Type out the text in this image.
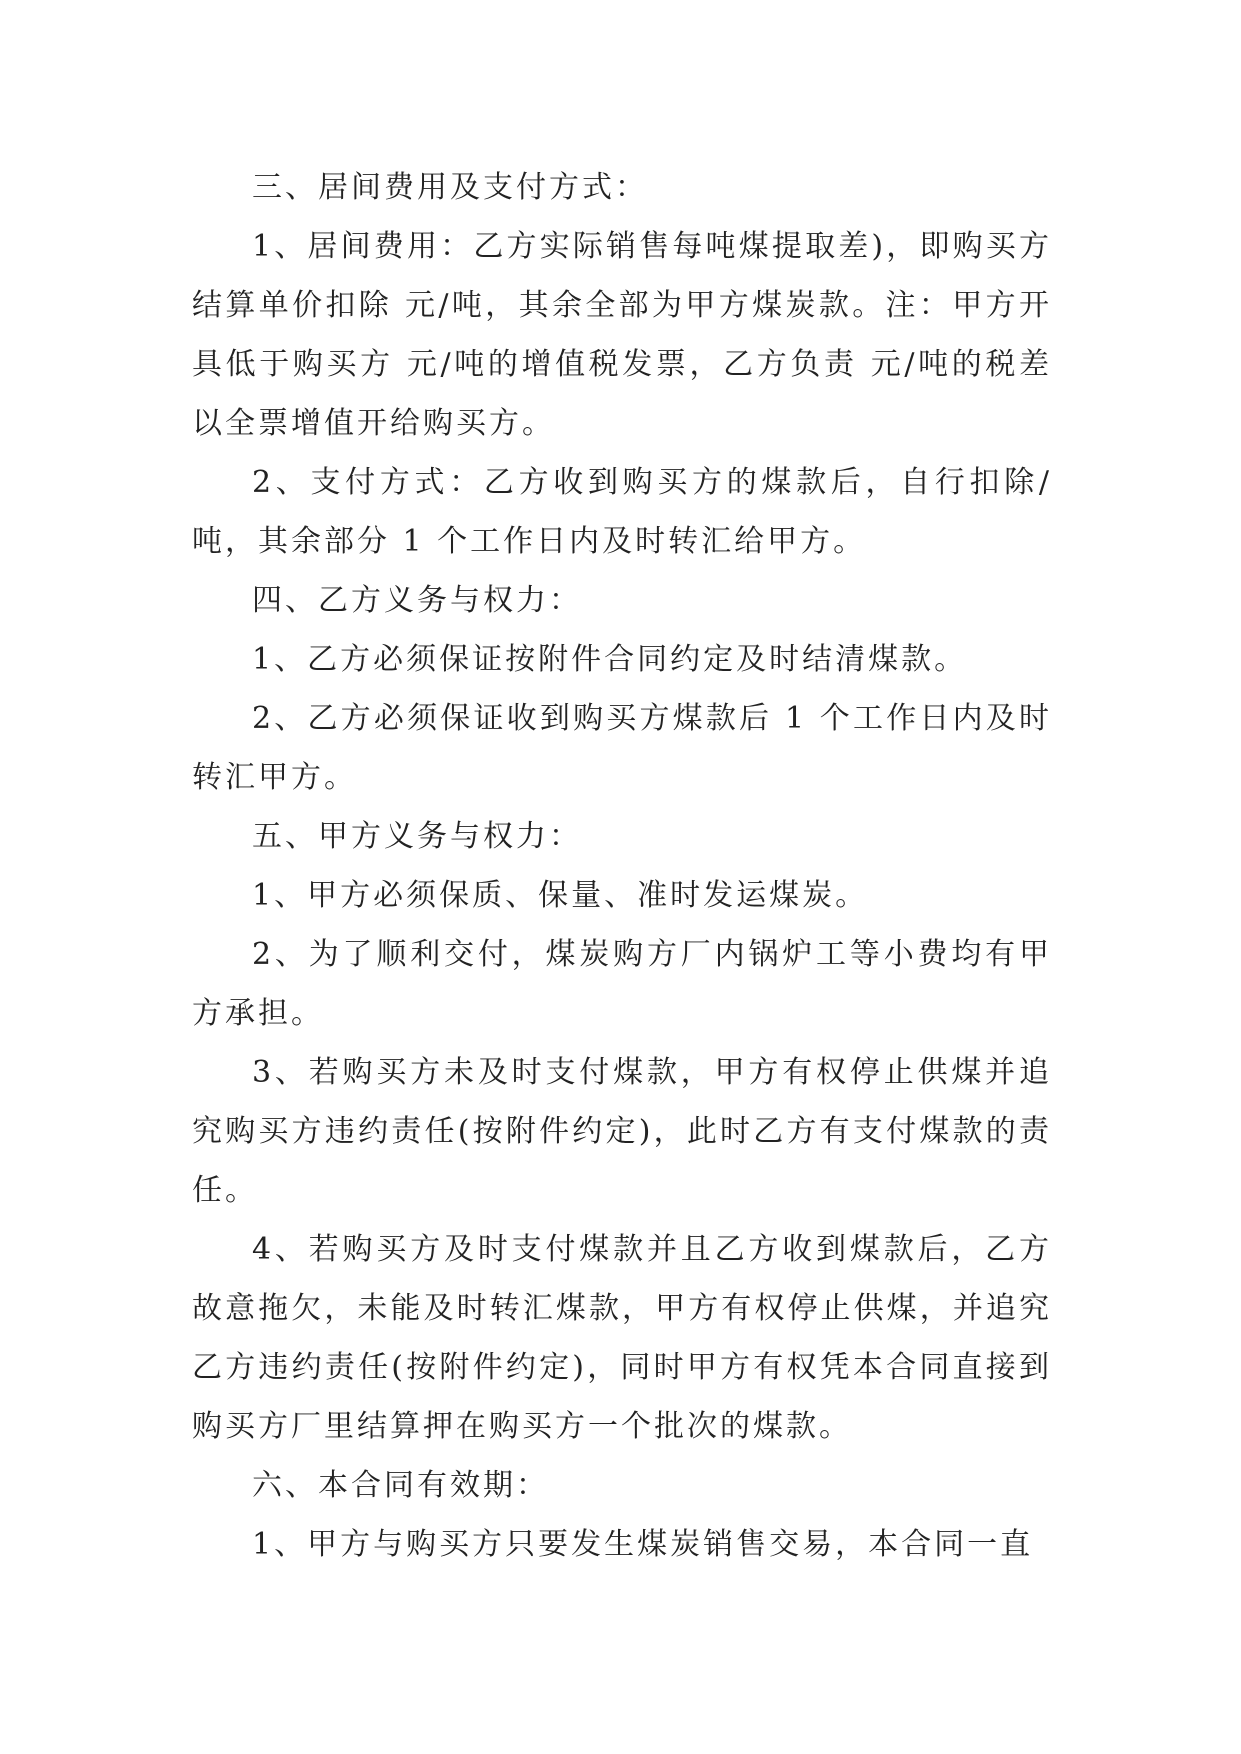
三、居间费用及支付方式：

1、居间费用：乙方实际销售每吨煤提取差)，即购买方结算单价扣除 元/吨，其余全部为甲方煤炭款。注：甲方开具低于购买方 元/吨的增值税发票，乙方负责 元/吨的税差以全票增值开给购买方。

2、支付方式：乙方收到购买方的煤款后，自行扣除/吨，其余部分 1 个工作日内及时转汇给甲方。

四、乙方义务与权力：

1、乙方必须保证按附件合同约定及时结清煤款。

2、乙方必须保证收到购买方煤款后 1 个工作日内及时转汇甲方。

五、甲方义务与权力：

1、甲方必须保质、保量、准时发运煤炭。

2、为了顺利交付，煤炭购方厂内锅炉工等小费均有甲方承担。

3、若购买方未及时支付煤款，甲方有权停止供煤并追究购买方违约责任(按附件约定)，此时乙方有支付煤款的责任。

4、若购买方及时支付煤款并且乙方收到煤款后，乙方故意拖欠，未能及时转汇煤款，甲方有权停止供煤，并追究乙方违约责任(按附件约定)，同时甲方有权凭本合同直接到购买方厂里结算押在购买方一个批次的煤款。

六、本合同有效期：

1、甲方与购买方只要发生煤炭销售交易，本合同一直
